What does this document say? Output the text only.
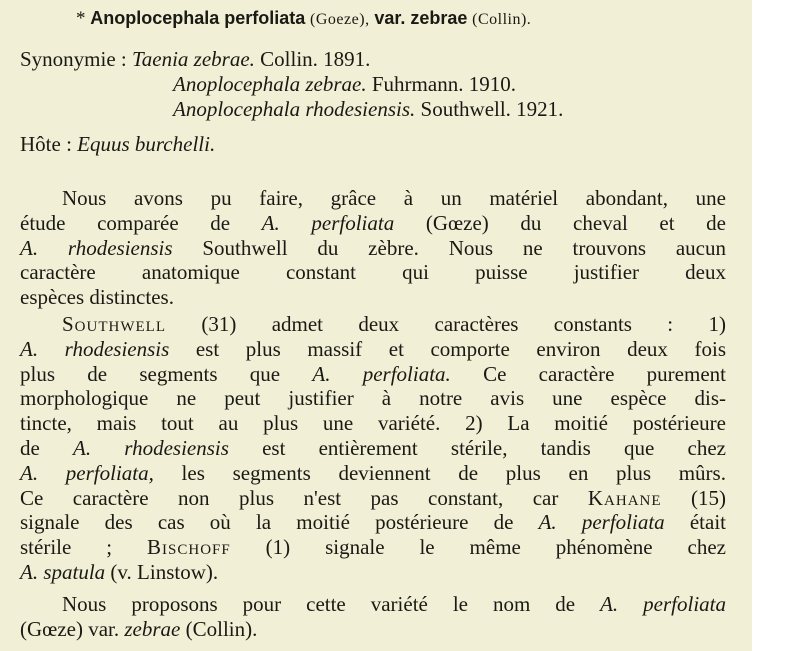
* Anoplocephala perfoliata (Goeze), var. zebrae (Collin).
Synonymie : Taenia zebrae. Collin. 1891.
Anoplocephala zebrae. Fuhrmann. 1910.
Anoplocephala rhodesiensis. Southwell. 1921.
Hôte : Equus burchelli.
Nous avons pu faire, grâce à un matériel abondant, une
étude comparée de A. perfoliata (Gœze) du cheval et de
A. rhodesiensis Southwell du zèbre. Nous ne trouvons aucun
caractère anatomique constant qui puisse justifier deux
espèces distinctes.
Southwell (31) admet deux caractères constants : 1)
A. rhodesiensis est plus massif et comporte environ deux fois
plus de segments que A. perfoliata. Ce caractère purement
morphologique ne peut justifier à notre avis une espèce dis-
tincte, mais tout au plus une variété. 2) La moitié postérieure
de A. rhodesiensis est entièrement stérile, tandis que chez
A. perfoliata, les segments deviennent de plus en plus mûrs.
Ce caractère non plus n'est pas constant, car Kahane (15)
signale des cas où la moitié postérieure de A. perfoliata était
stérile ; Bischoff (1) signale le même phénomène chez
A. spatula (v. Linstow).
Nous proposons pour cette variété le nom de A. perfoliata
(Gœze) var. zebrae (Collin).
